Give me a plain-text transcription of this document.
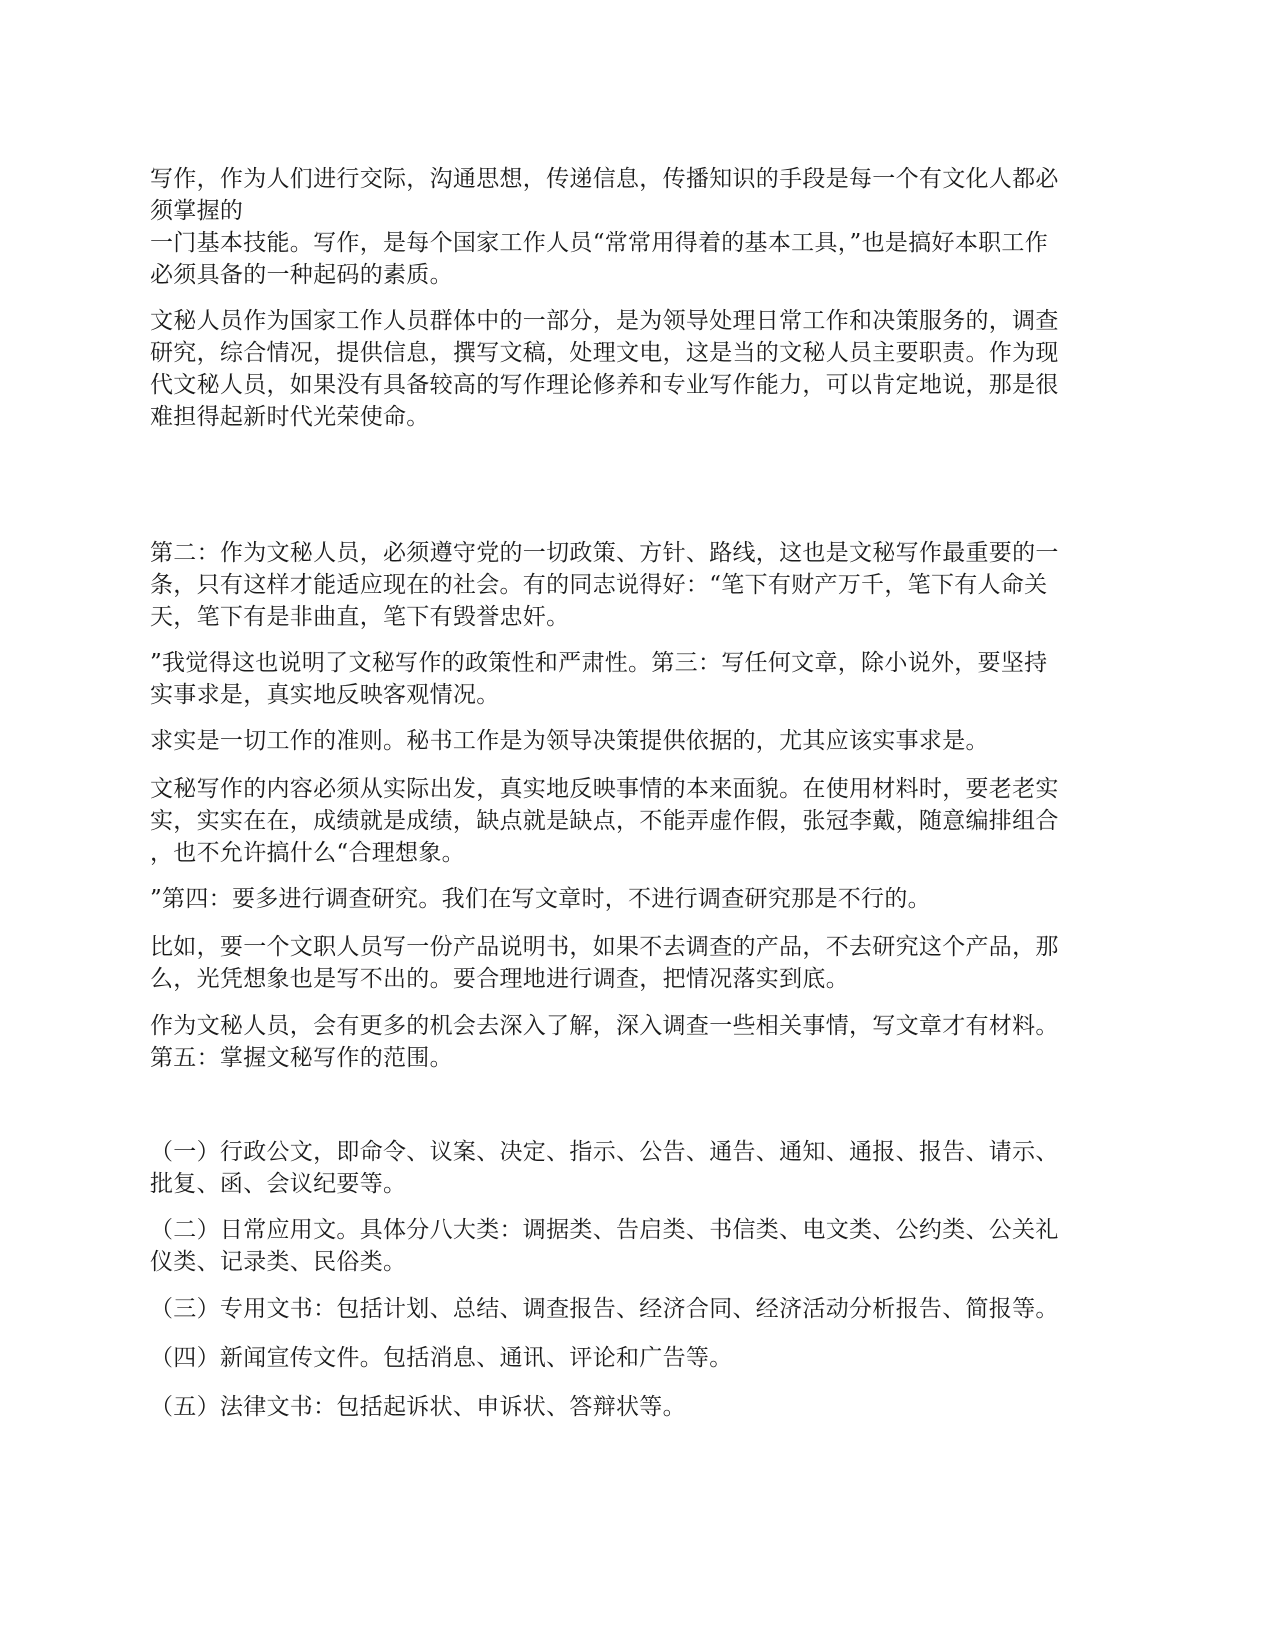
写作，作为人们进行交际，沟通思想，传递信息，传播知识的手段是每一个有文化人都必
须掌握的

一门基本技能。写作，是每个国家工作人员“常常用得着的基本工具，”也是搞好本职工作
必须具备的一种起码的素质。

文秘人员作为国家工作人员群体中的一部分，是为领导处理日常工作和决策服务的，调查
研究，综合情况，提供信息，撰写文稿，处理文电，这是当的文秘人员主要职责。作为现
代文秘人员，如果没有具备较高的写作理论修养和专业写作能力，可以肯定地说，那是很
难担得起新时代光荣使命。

第二：作为文秘人员，必须遵守党的一切政策、方针、路线，这也是文秘写作最重要的一
条，只有这样才能适应现在的社会。有的同志说得好：“笔下有财产万千，笔下有人命关
天，笔下有是非曲直，笔下有毁誉忠奸。

”我觉得这也说明了文秘写作的政策性和严肃性。第三：写任何文章，除小说外，要坚持
实事求是，真实地反映客观情况。

求实是一切工作的准则。秘书工作是为领导决策提供依据的，尤其应该实事求是。

文秘写作的内容必须从实际出发，真实地反映事情的本来面貌。在使用材料时，要老老实
实，实实在在，成绩就是成绩，缺点就是缺点，不能弄虚作假，张冠李戴，随意编排组合
，也不允许搞什么“合理想象。

”第四：要多进行调查研究。我们在写文章时，不进行调查研究那是不行的。

比如，要一个文职人员写一份产品说明书，如果不去调查的产品，不去研究这个产品，那
么，光凭想象也是写不出的。要合理地进行调查，把情况落实到底。

作为文秘人员，会有更多的机会去深入了解，深入调查一些相关事情，写文章才有材料。
第五：掌握文秘写作的范围。

（一）行政公文，即命令、议案、决定、指示、公告、通告、通知、通报、报告、请示、
批复、函、会议纪要等。

（二）日常应用文。具体分八大类：调据类、告启类、书信类、电文类、公约类、公关礼
仪类、记录类、民俗类。

（三）专用文书：包括计划、总结、调查报告、经济合同、经济活动分析报告、简报等。

（四）新闻宣传文件。包括消息、通讯、评论和广告等。

（五）法律文书：包括起诉状、申诉状、答辩状等。
